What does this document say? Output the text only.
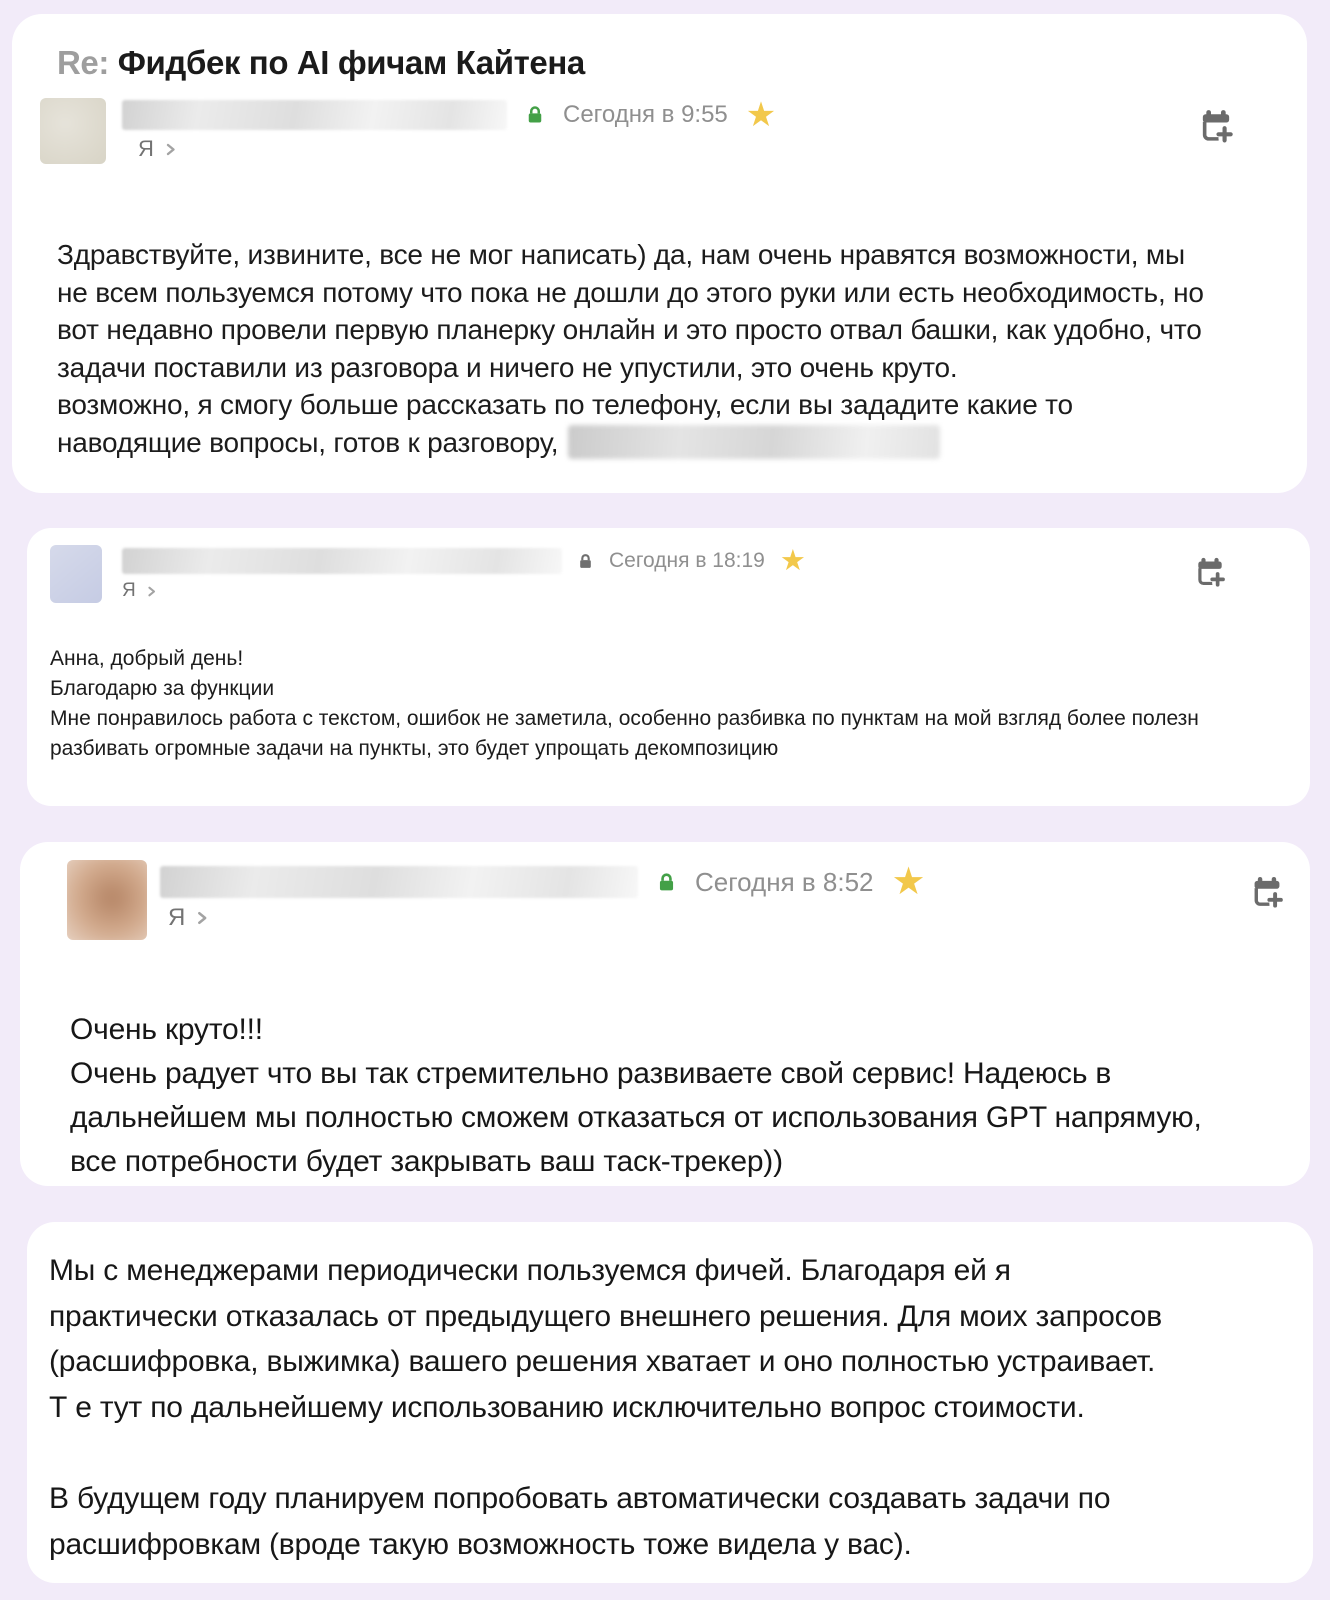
Re: Фидбек по AI фичам Кайтена
Сегодня в 9:55 ★
Я
Здравствуйте, извините, все не мог написать) да, нам очень нравятся возможности, мы
не всем пользуемся потому что пока не дошли до этого руки или есть необходимость, но
вот недавно провели первую планерку онлайн и это просто отвал башки, как удобно, что
задачи поставили из разговора и ничего не упустили, это очень круто.
возможно, я смогу больше рассказать по телефону, если вы зададите какие то
наводящие вопросы, готов к разговору,
Сегодня в 18:19 ★
Я
Анна, добрый день!
Благодарю за функции
Мне понравилось работа с текстом, ошибок не заметила, особенно разбивка по пунктам на мой взгляд более полезн
разбивать огромные задачи на пункты, это будет упрощать декомпозицию
Сегодня в 8:52 ★
Я
Очень круто!!!
Очень радует что вы так стремительно развиваете свой сервис! Надеюсь в
дальнейшем мы полностью сможем отказаться от использования GPT напрямую,
все потребности будет закрывать ваш таск-трекер))
Мы с менеджерами периодически пользуемся фичей. Благодаря ей я
практически отказалась от предыдущего внешнего решения. Для моих запросов
(расшифровка, выжимка) вашего решения хватает и оно полностью устраивает.
Т е тут по дальнейшему использованию исключительно вопрос стоимости.
В будущем году планируем попробовать автоматически создавать задачи по
расшифровкам (вроде такую возможность тоже видела у вас).
